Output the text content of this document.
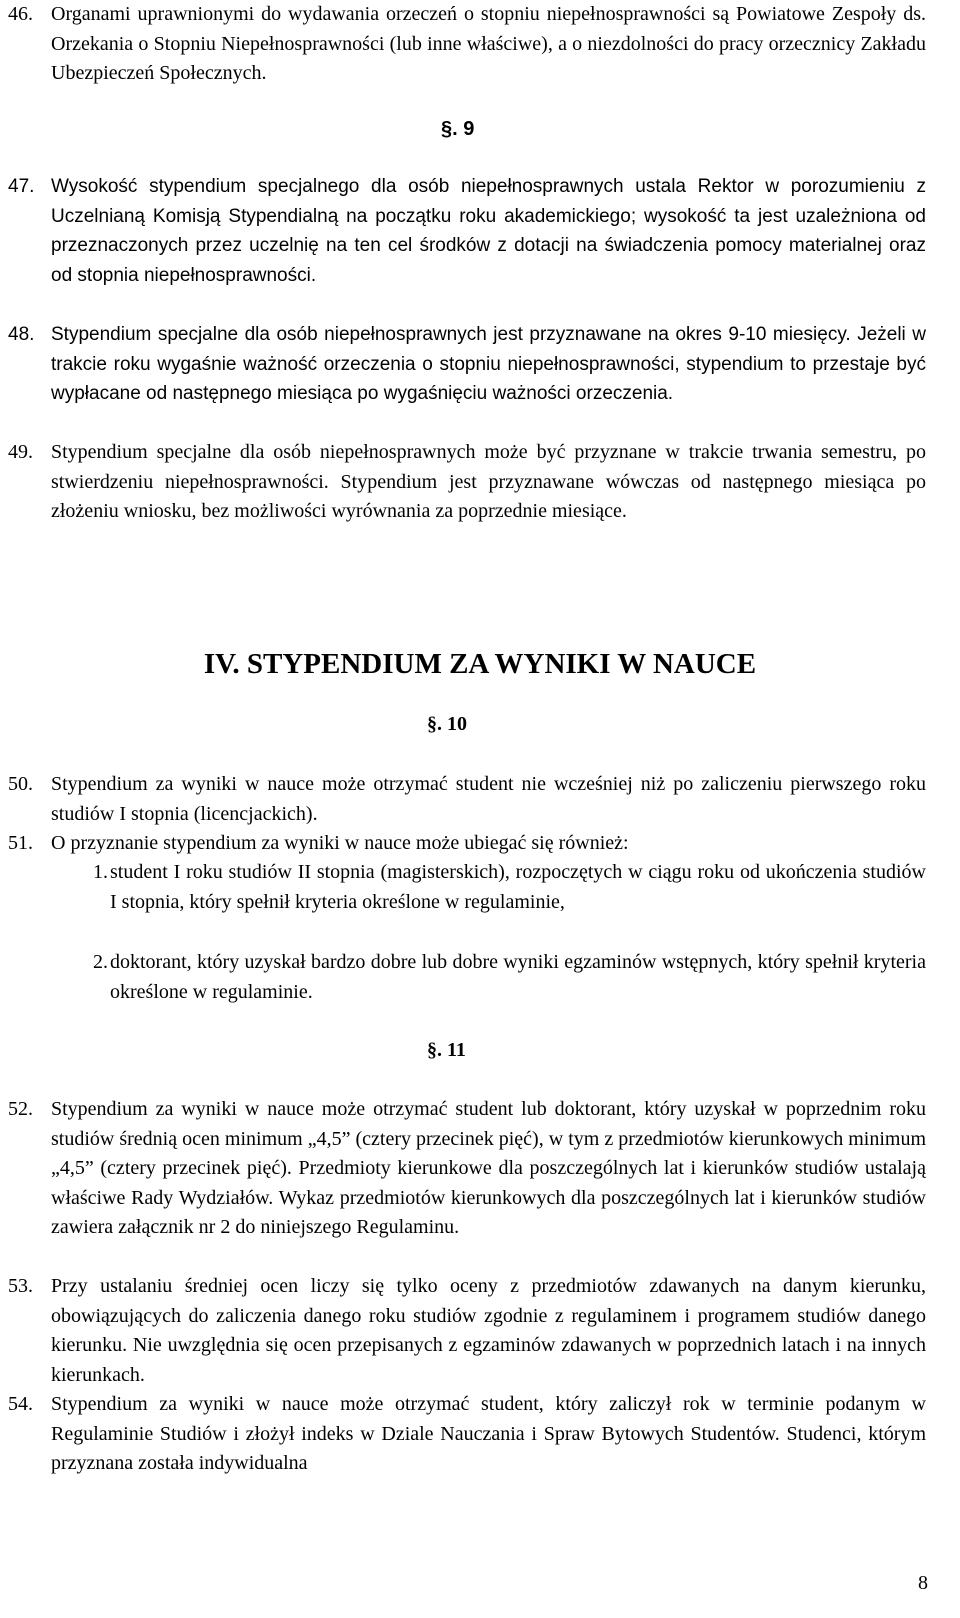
46. Organami uprawnionymi do wydawania orzeczeń o stopniu niepełnosprawności są Powiatowe Zespoły ds. Orzekania o Stopniu Niepełnosprawności (lub inne właściwe), a o niezdolności do pracy orzecznicy Zakładu Ubezpieczeń Społecznych.
§. 9
47. Wysokość stypendium specjalnego dla osób niepełnosprawnych ustala Rektor w porozumieniu z Uczelnianą Komisją Stypendialną na początku roku akademickiego; wysokość ta jest uzależniona od przeznaczonych przez uczelnię na ten cel środków z dotacji na świadczenia pomocy materialnej oraz od stopnia niepełnosprawności.
48. Stypendium specjalne dla osób niepełnosprawnych jest przyznawane na okres 9-10 miesięcy. Jeżeli w trakcie roku wygaśnie ważność orzeczenia o stopniu niepełnosprawności, stypendium to przestaje być wypłacane od następnego miesiąca po wygaśnięciu ważności orzeczenia.
49. Stypendium specjalne dla osób niepełnosprawnych może być przyznane w trakcie trwania semestru, po stwierdzeniu niepełnosprawności. Stypendium jest przyznawane wówczas od następnego miesiąca po złożeniu wniosku, bez możliwości wyrównania za poprzednie miesiące.
IV. STYPENDIUM ZA WYNIKI W NAUCE
§. 10
50. Stypendium za wyniki w nauce może otrzymać student nie wcześniej niż po zaliczeniu pierwszego roku studiów I stopnia (licencjackich).
51. O przyznanie stypendium za wyniki w nauce może ubiegać się również:
1. student I roku studiów II stopnia (magisterskich), rozpoczętych w ciągu roku od ukończenia studiów I stopnia, który spełnił kryteria określone w regulaminie,
2. doktorant, który uzyskał bardzo dobre lub dobre wyniki egzaminów wstępnych, który spełnił kryteria określone w regulaminie.
§. 11
52. Stypendium za wyniki w nauce może otrzymać student lub doktorant, który uzyskał w poprzednim roku studiów średnią ocen minimum „4,5” (cztery przecinek pięć), w tym z przedmiotów kierunkowych minimum „4,5” (cztery przecinek pięć). Przedmioty kierunkowe dla poszczególnych lat i kierunków studiów ustalają właściwe Rady Wydziałów. Wykaz przedmiotów kierunkowych dla poszczególnych lat i kierunków studiów zawiera załącznik nr 2 do niniejszego Regulaminu.
53. Przy ustalaniu średniej ocen liczy się tylko oceny z przedmiotów zdawanych na danym kierunku, obowiązujących do zaliczenia danego roku studiów zgodnie z regulaminem i programem studiów danego kierunku. Nie uwzględnia się ocen przepisanych z egzaminów zdawanych w poprzednich latach i na innych kierunkach.
54. Stypendium za wyniki w nauce może otrzymać student, który zaliczył rok w terminie podanym w Regulaminie Studiów i złożył indeks w Dziale Nauczania i Spraw Bytowych Studentów. Studenci, którym przyznana została indywidualna
8
